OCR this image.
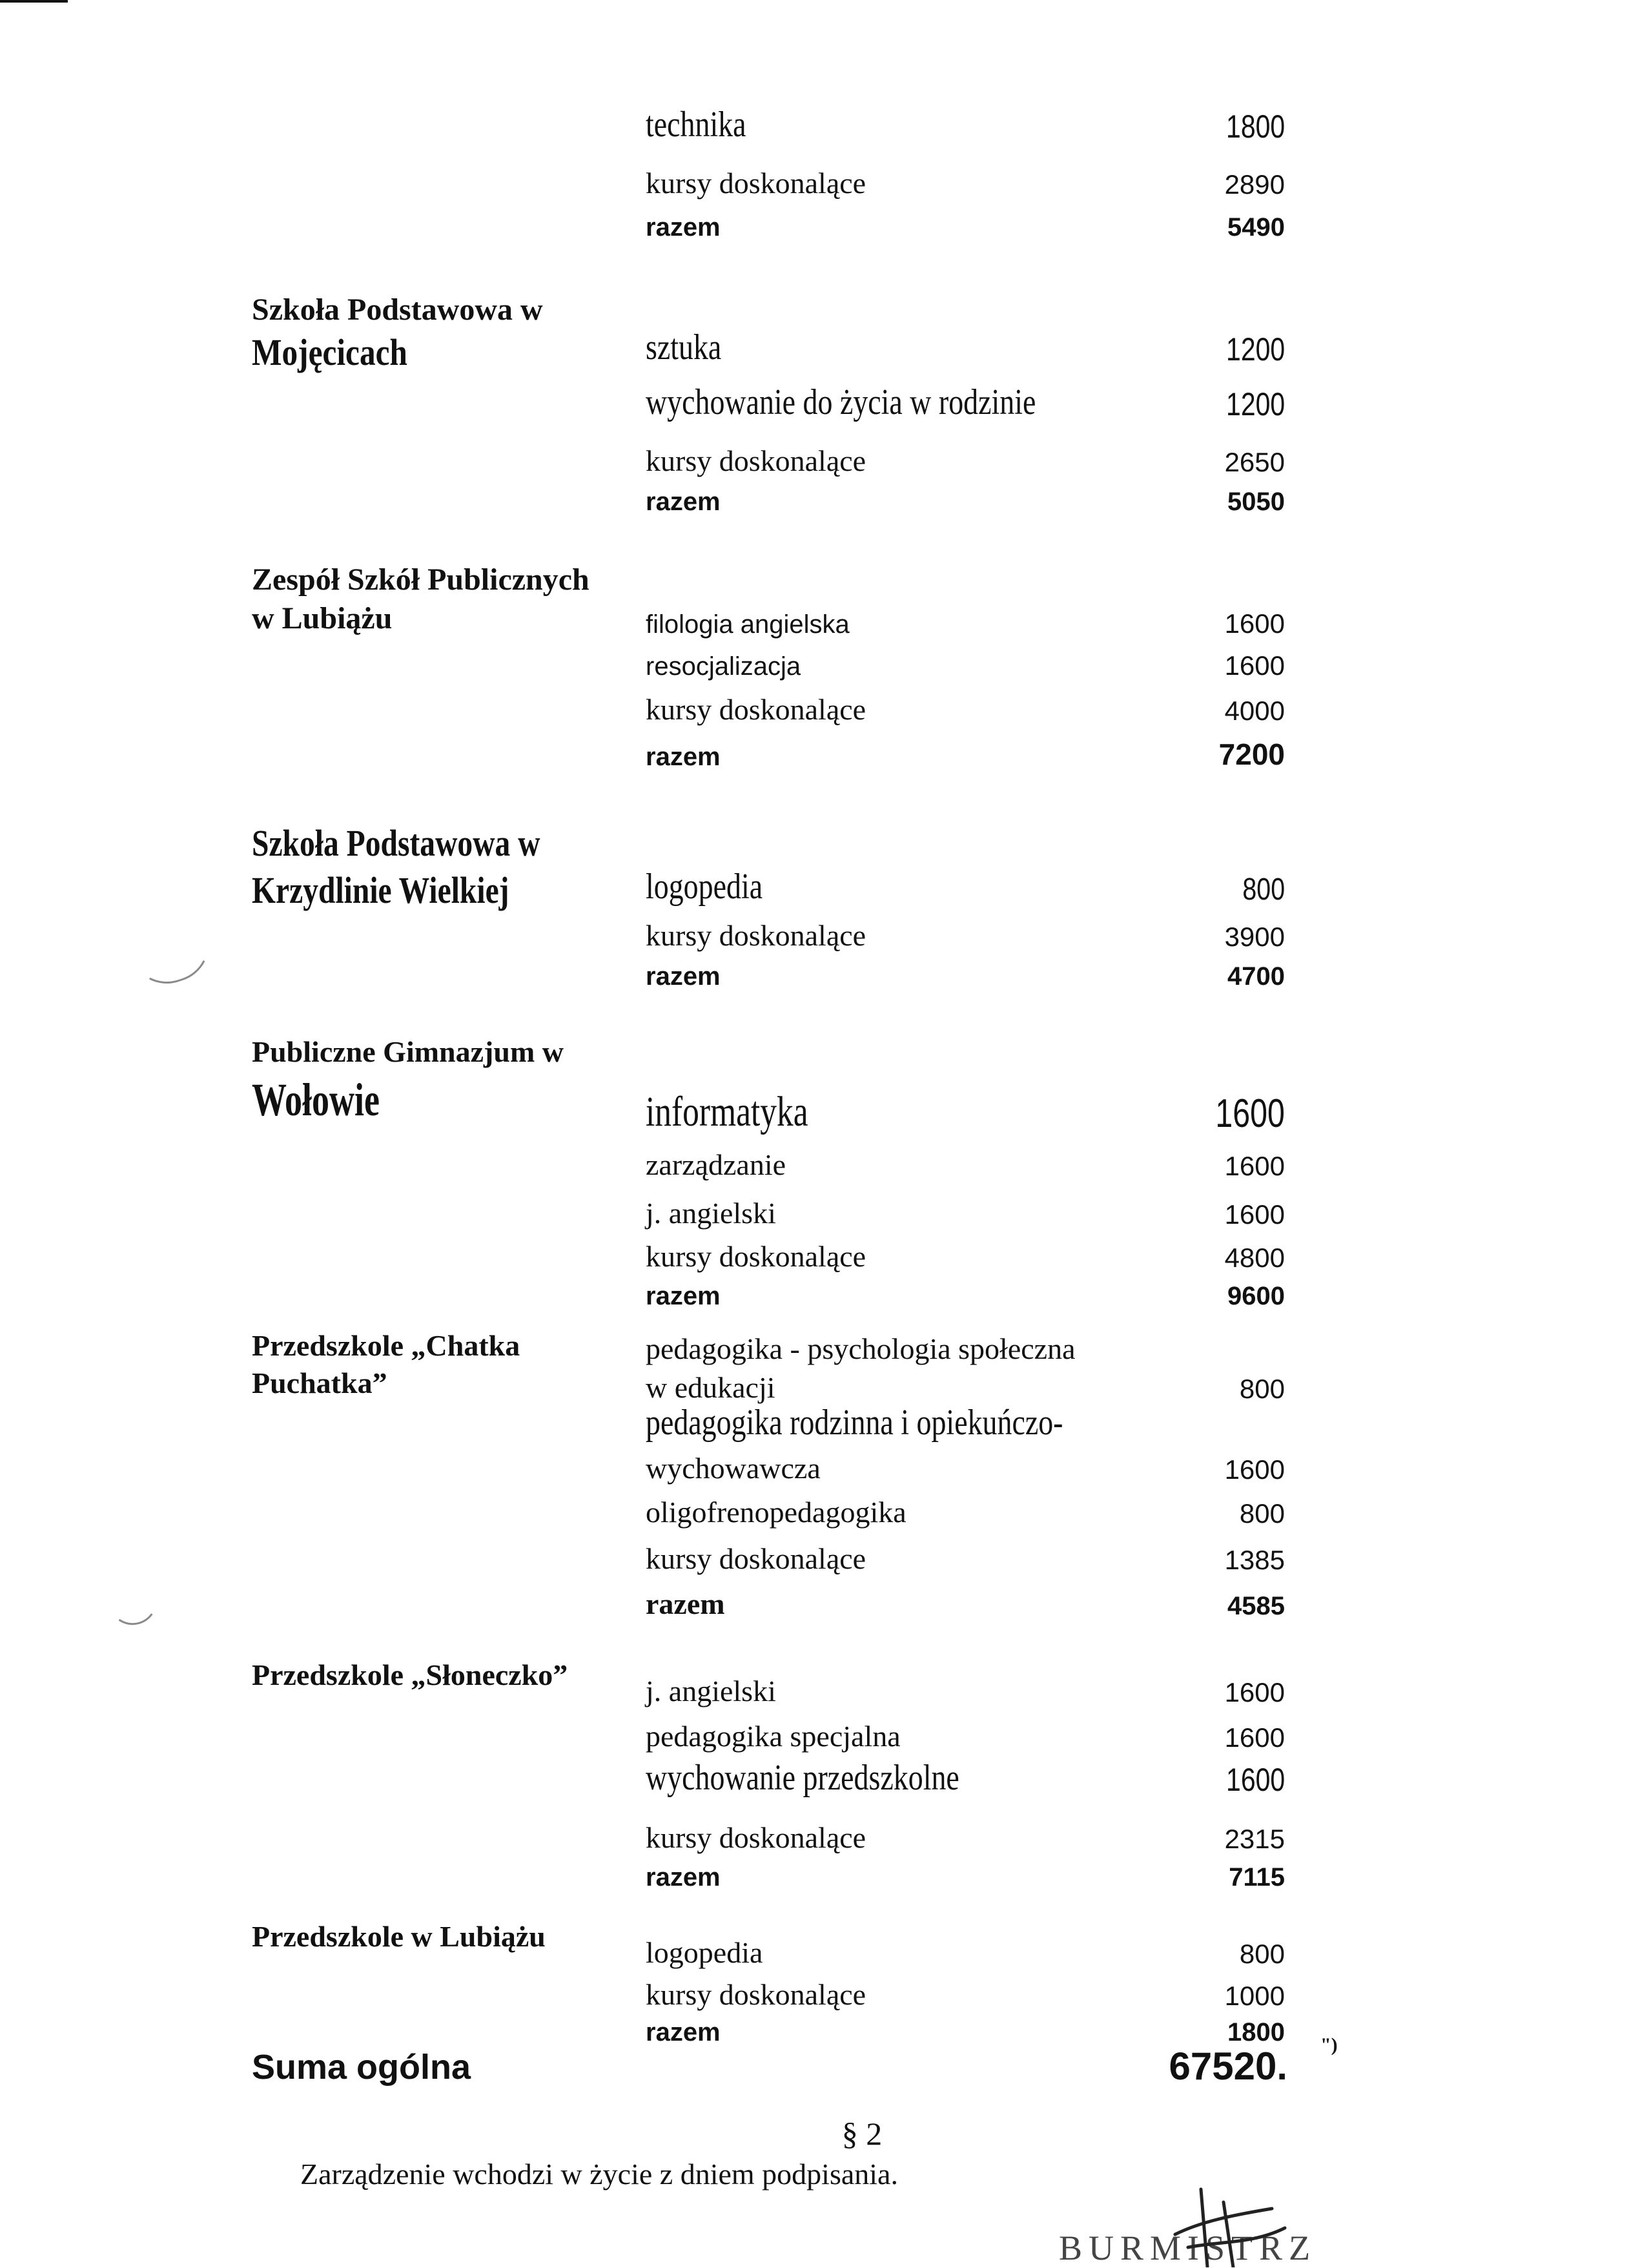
technika	1800
kursy doskonalące	2890
razem	5490
Szkoła Podstawowa w
Mojęcicach	sztuka	1200
wychowanie do życia w rodzinie	1200
kursy doskonalące	2650
razem	5050
Zespół Szkół Publicznych
w Lubiążu	filologia angielska	1600
resocjalizacja	1600
kursy doskonalące	4000
razem	7200
Szkoła Podstawowa w
Krzydlinie Wielkiej	logopedia	800
kursy doskonalące	3900
razem	4700
Publiczne Gimnazjum w
Wołowie	informatyka	1600
zarządzanie	1600
j. angielski	1600
kursy doskonalące	4800
razem	9600
Przedszkole „Chatka
Puchatka”
pedagogika - psychologia społeczna
w edukacji	800
pedagogika rodzinna i opiekuńczo-
wychowawcza	1600
oligofrenopedagogika	800
kursy doskonalące	1385
razem	4585
Przedszkole „Słoneczko”	j. angielski	1600
pedagogika specjalna	1600
wychowanie przedszkolne	1600
kursy doskonalące	2315
razem	7115
Przedszkole w Lubiążu	logopedia	800
kursy doskonalące	1000
razem	1800
Suma ogólna	67520. ")
§ 2
Zarządzenie wchodzi w życie z dniem podpisania.
BURMISTRZ
